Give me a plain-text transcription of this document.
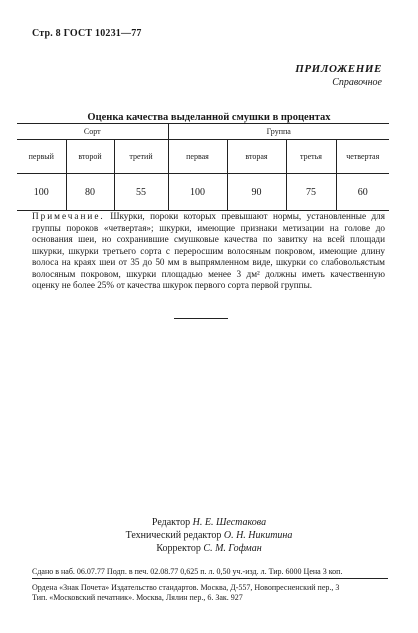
Стр. 8 ГОСТ 10231—77
ПРИЛОЖЕНИЕ
Справочное
Оценка качества выделанной смушки в процентах
Сорт			Группа			
первый	второй	третий	первая	вторая	третья	четвертая
100	80	55	100	90	75	60
Примечание. Шкурки, пороки которых превышают нормы, установленные для группы пороков «четвертая»; шкурки, имеющие признаки метизации на голове до основания шеи, но сохранившие смушковые качества по завитку на всей площади шкурки, шкурки третьего сорта с переросшим волосяным покровом, имеющие длину волоса на краях шеи от 35 до 50 мм в выпрямленном виде, шкурки со слабовольястым волосяным покровом, шкурки площадью менее 3 дм² должны иметь качественную оценку не более 25% от качества шкурок первого сорта первой группы.
Редактор Н. Е. Шестакова
Технический редактор О. Н. Никитина
Корректор С. М. Гофман
Сдано в наб. 06.07.77 Подп. в печ. 02.08.77 0,625 п. л. 0,50 уч.-изд. л. Тир. 6000 Цена 3 коп.
Ордена «Знак Почета» Издательство стандартов. Москва, Д-557, Новопресненский пер., 3
Тип. «Московский печатник». Москва, Лялин пер., 6. Зак. 927
